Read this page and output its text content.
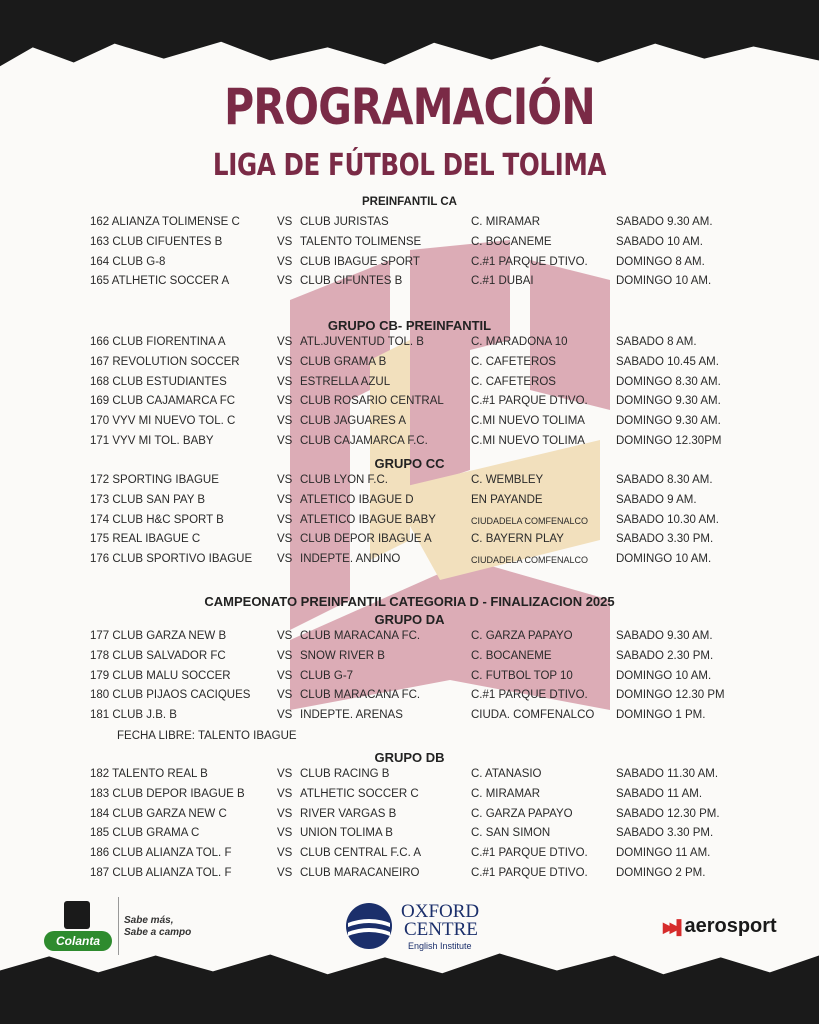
PROGRAMACIÓN
LIGA DE FÚTBOL DEL TOLIMA
PREINFANTIL CA
162 ALIANZA TOLIMENSE C	VS CLUB JURISTAS	C. MIRAMAR	SABADO 9.30 AM.
163 CLUB CIFUENTES B	VS TALENTO TOLIMENSE	C. BOCANEME	SABADO 10 AM.
164 CLUB G-8	VS CLUB IBAGUE SPORT	C.#1 PARQUE DTIVO. DOMINGO 8 AM.
165 ATLHETIC SOCCER A	VS CLUB CIFUNTES B	C.#1 DUBAI	DOMINGO 10 AM.
GRUPO CB- PREINFANTIL
166 CLUB FIORENTINA A	VS ATL.JUVENTUD TOL. B	C. MARADONA 10	SABADO 8 AM.
167 REVOLUTION SOCCER	VS CLUB GRAMA B	C. CAFETEROS	SABADO 10.45 AM.
168 CLUB ESTUDIANTES	VS ESTRELLA AZUL	C. CAFETEROS	DOMINGO 8.30 AM.
169 CLUB CAJAMARCA FC	VS CLUB ROSARIO CENTRAL C.#1 PARQUE DTIVO. DOMINGO 9.30 AM.
170 VYV MI NUEVO TOL. C	VS CLUB JAGUARES A	C.MI NUEVO TOLIMA	DOMINGO 9.30 AM.
171 VYV MI TOL. BABY	VS CLUB CAJAMARCA F.C.	C.MI NUEVO TOLIMA	DOMINGO 12.30PM
GRUPO CC
172 SPORTING IBAGUE	VS CLUB LYON F.C.	C. WEMBLEY	SABADO 8.30 AM.
173 CLUB SAN PAY B	VS ATLETICO IBAGUE D	EN PAYANDE	SABADO 9 AM.
174 CLUB H&C SPORT B	VS ATLETICO IBAGUE BABY	CIUDADELA COMFENALCO SABADO 10.30 AM.
175 REAL IBAGUE C	VS CLUB DEPOR IBAGUE A	C. BAYERN PLAY	SABADO 3.30 PM.
176 CLUB SPORTIVO IBAGUE VS INDEPTE. ANDINO	CIUDADELA COMFENALCO DOMINGO 10 AM.
CAMPEONATO PREINFANTIL CATEGORIA D - FINALIZACION 2025
GRUPO DA
177 CLUB GARZA NEW B	VS CLUB MARACANA FC.	C. GARZA PAPAYO	SABADO 9.30 AM.
178 CLUB SALVADOR FC	VS SNOW RIVER B	C. BOCANEME	SABADO 2.30 PM.
179 CLUB MALU SOCCER	VS CLUB G-7	C. FUTBOL TOP 10	DOMINGO 10 AM.
180 CLUB PIJAOS CACIQUES VS CLUB MARACANA FC.	C.#1 PARQUE DTIVO. DOMINGO 12.30 PM
181 CLUB J.B. B	VS INDEPTE. ARENAS	CIUDA. COMFENALCO DOMINGO 1 PM.
FECHA LIBRE: TALENTO IBAGUE
GRUPO DB
182 TALENTO REAL B	VS CLUB RACING B	C. ATANASIO	SABADO 11.30 AM.
183 CLUB DEPOR IBAGUE B	VS ATLHETIC SOCCER C	C. MIRAMAR	SABADO 11 AM.
184 CLUB GARZA NEW C	VS RIVER VARGAS B	C. GARZA PAPAYO	SABADO 12.30 PM.
185 CLUB GRAMA C	VS UNION TOLIMA B	C. SAN SIMON	SABADO 3.30 PM.
186 CLUB ALIANZA TOL. F	VS CLUB CENTRAL F.C. A	C.#1 PARQUE DTIVO. DOMINGO 11 AM.
187 CLUB ALIANZA TOL. F	VS CLUB MARACANEIRO	C.#1 PARQUE DTIVO. DOMINGO 2 PM.
Colanta
Sabe más,
Sabe a campo
OXFORD
CENTRE
English Institute
▶▶▌ aerosport
